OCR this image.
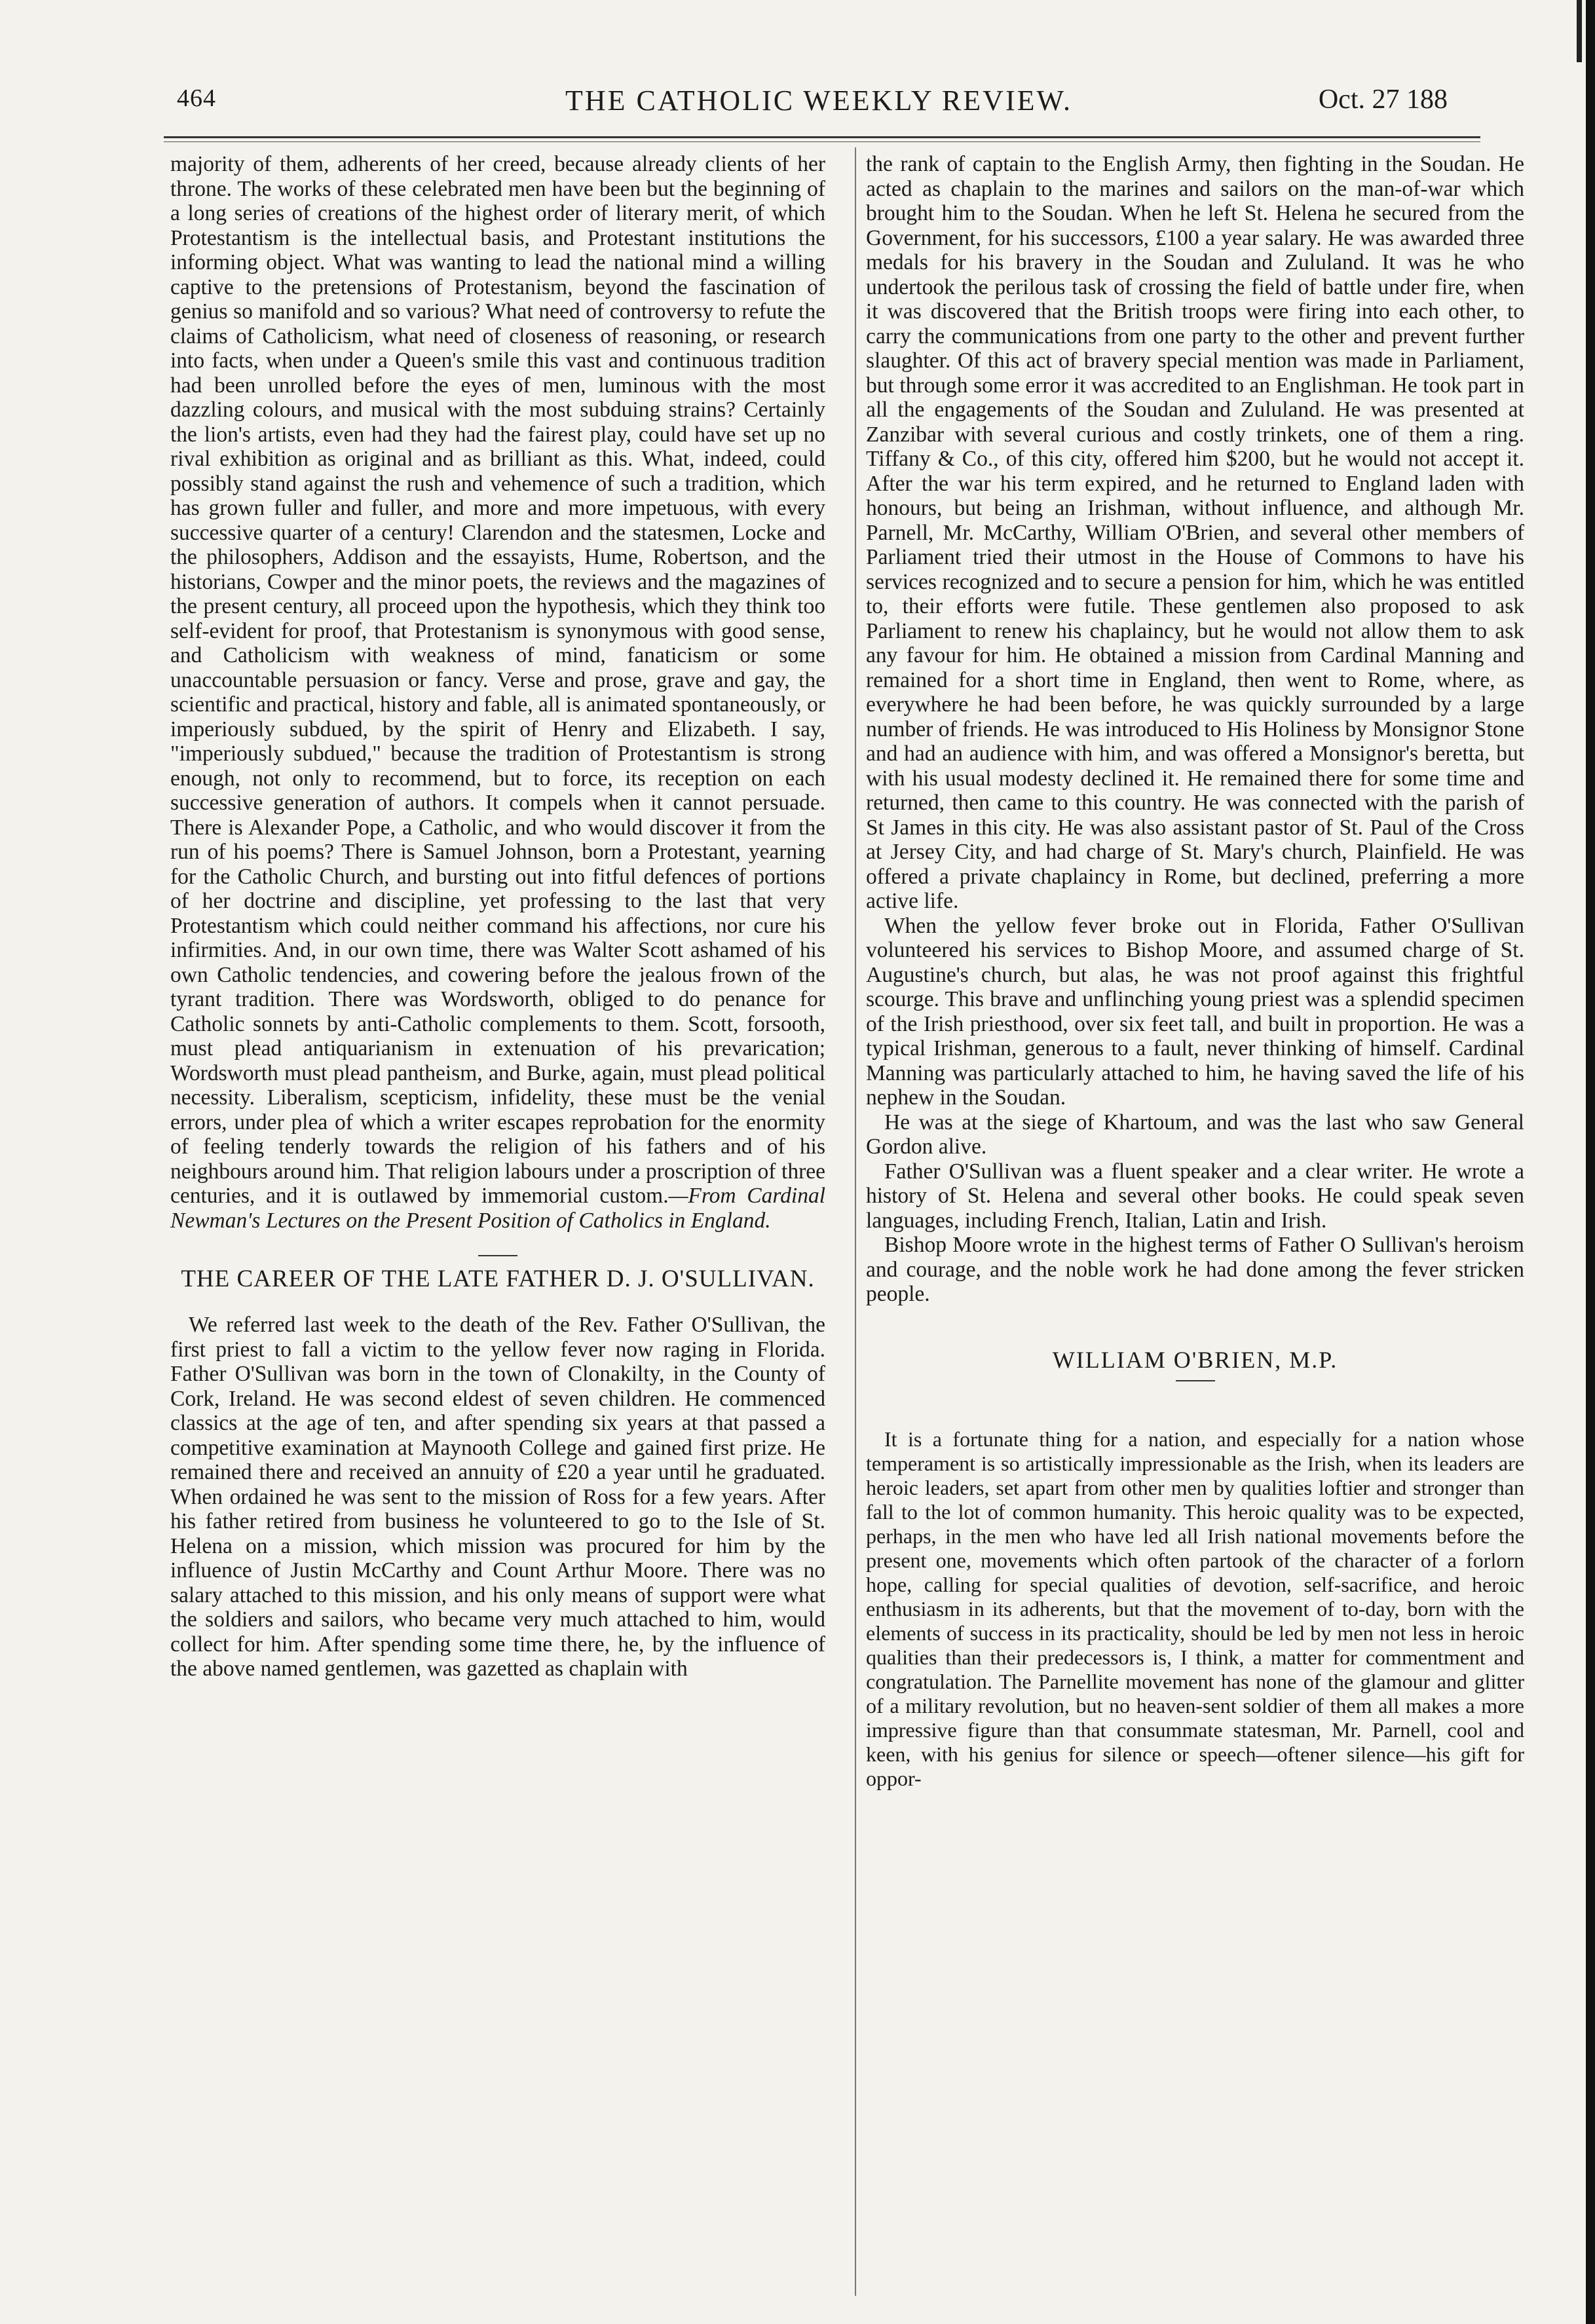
464	THE CATHOLIC WEEKLY REVIEW.	Oct. 27 188

majority of them, adherents of her creed, because already clients of her throne. The works of these celebrated men have been but the beginning of a long series of creations of the highest order of literary merit, of which Protestantism is the intellectual basis, and Protestant institutions the informing object. What was wanting to lead the national mind a willing captive to the pretensions of Protestanism, beyond the fascination of genius so manifold and so various? What need of controversy to refute the claims of Catholicism, what need of closeness of reasoning, or research into facts, when under a Queen's smile this vast and continuous tradition had been unrolled before the eyes of men, luminous with the most dazzling colours, and musical with the most subduing strains? Certainly the lion's artists, even had they had the fairest play, could have set up no rival exhibition as original and as brilliant as this. What, indeed, could possibly stand against the rush and vehemence of such a tradition, which has grown fuller and fuller, and more and more impetuous, with every successive quarter of a century! Clarendon and the statesmen, Locke and the philosophers, Addison and the essayists, Hume, Robertson, and the historians, Cowper and the minor poets, the reviews and the magazines of the present century, all proceed upon the hypothesis, which they think too self-evident for proof, that Protestanism is synonymous with good sense, and Catholicism with weakness of mind, fanaticism or some unaccountable persuasion or fancy. Verse and prose, grave and gay, the scientific and practical, history and fable, all is animated spontaneously, or imperiously subdued, by the spirit of Henry and Elizabeth. I say, "imperiously subdued," because the tradition of Protestantism is strong enough, not only to recommend, but to force, its reception on each successive generation of authors. It compels when it cannot persuade. There is Alexander Pope, a Catholic, and who would discover it from the run of his poems? There is Samuel Johnson, born a Protestant, yearning for the Catholic Church, and bursting out into fitful defences of portions of her doctrine and discipline, yet professing to the last that very Protestantism which could neither command his affections, nor cure his infirmities. And, in our own time, there was Walter Scott ashamed of his own Catholic tendencies, and cowering before the jealous frown of the tyrant tradition. There was Wordsworth, obliged to do penance for Catholic sonnets by anti-Catholic complements to them. Scott, forsooth, must plead antiquarianism in extenuation of his prevarication; Wordsworth must plead pantheism, and Burke, again, must plead political necessity. Liberalism, scepticism, infidelity, these must be the venial errors, under plea of which a writer escapes reprobation for the enormity of feeling tenderly towards the religion of his fathers and of his neighbours around him. That religion labours under a proscription of three centuries, and it is outlawed by immemorial custom.—From Cardinal Newman's Lectures on the Present Position of Catholics in England.

THE CAREER OF THE LATE FATHER D. J. O'SULLIVAN.

We referred last week to the death of the Rev. Father O'Sullivan, the first priest to fall a victim to the yellow fever now raging in Florida. Father O'Sullivan was born in the town of Clonakilty, in the County of Cork, Ireland. He was second eldest of seven children. He commenced classics at the age of ten, and after spending six years at that passed a competitive examination at Maynooth College and gained first prize. He remained there and received an annuity of £20 a year until he graduated. When ordained he was sent to the mission of Ross for a few years. After his father retired from business he volunteered to go to the Isle of St. Helena on a mission, which mission was procured for him by the influence of Justin McCarthy and Count Arthur Moore. There was no salary attached to this mission, and his only means of support were what the soldiers and sailors, who became very much attached to him, would collect for him. After spending some time there, he, by the influence of the above named gentlemen, was gazetted as chaplain with

the rank of captain to the English Army, then fighting in the Soudan. He acted as chaplain to the marines and sailors on the man-of-war which brought him to the Soudan. When he left St. Helena he secured from the Government, for his successors, £100 a year salary. He was awarded three medals for his bravery in the Soudan and Zululand. It was he who undertook the perilous task of crossing the field of battle under fire, when it was discovered that the British troops were firing into each other, to carry the communications from one party to the other and prevent further slaughter. Of this act of bravery special mention was made in Parliament, but through some error it was accredited to an Englishman. He took part in all the engagements of the Soudan and Zululand. He was presented at Zanzibar with several curious and costly trinkets, one of them a ring. Tiffany & Co., of this city, offered him $200, but he would not accept it. After the war his term expired, and he returned to England laden with honours, but being an Irishman, without influence, and although Mr. Parnell, Mr. McCarthy, William O'Brien, and several other members of Parliament tried their utmost in the House of Commons to have his services recognized and to secure a pension for him, which he was entitled to, their efforts were futile. These gentlemen also proposed to ask Parliament to renew his chaplaincy, but he would not allow them to ask any favour for him. He obtained a mission from Cardinal Manning and remained for a short time in England, then went to Rome, where, as everywhere he had been before, he was quickly surrounded by a large number of friends. He was introduced to His Holiness by Monsignor Stone and had an audience with him, and was offered a Monsignor's beretta, but with his usual modesty declined it. He remained there for some time and returned, then came to this country. He was connected with the parish of St James in this city. He was also assistant pastor of St. Paul of the Cross at Jersey City, and had charge of St. Mary's church, Plainfield. He was offered a private chaplaincy in Rome, but declined, preferring a more active life.

When the yellow fever broke out in Florida, Father O'Sullivan volunteered his services to Bishop Moore, and assumed charge of St. Augustine's church, but alas, he was not proof against this frightful scourge. This brave and unflinching young priest was a splendid specimen of the Irish priesthood, over six feet tall, and built in proportion. He was a typical Irishman, generous to a fault, never thinking of himself. Cardinal Manning was particularly attached to him, he having saved the life of his nephew in the Soudan.

He was at the siege of Khartoum, and was the last who saw General Gordon alive.

Father O'Sullivan was a fluent speaker and a clear writer. He wrote a history of St. Helena and several other books. He could speak seven languages, including French, Italian, Latin and Irish.

Bishop Moore wrote in the highest terms of Father O Sullivan's heroism and courage, and the noble work he had done among the fever stricken people.

WILLIAM O'BRIEN, M.P.

It is a fortunate thing for a nation, and especially for a nation whose temperament is so artistically impressionable as the Irish, when its leaders are heroic leaders, set apart from other men by qualities loftier and stronger than fall to the lot of common humanity. This heroic quality was to be expected, perhaps, in the men who have led all Irish national movements before the present one, movements which often partook of the character of a forlorn hope, calling for special qualities of devotion, self-sacrifice, and heroic enthusiasm in its adherents, but that the movement of to-day, born with the elements of success in its practicality, should be led by men not less in heroic qualities than their predecessors is, I think, a matter for commentment and congratulation. The Parnellite movement has none of the glamour and glitter of a military revolution, but no heaven-sent soldier of them all makes a more impressive figure than that consummate statesman, Mr. Parnell, cool and keen, with his genius for silence or speech—oftener silence—his gift for oppor-
